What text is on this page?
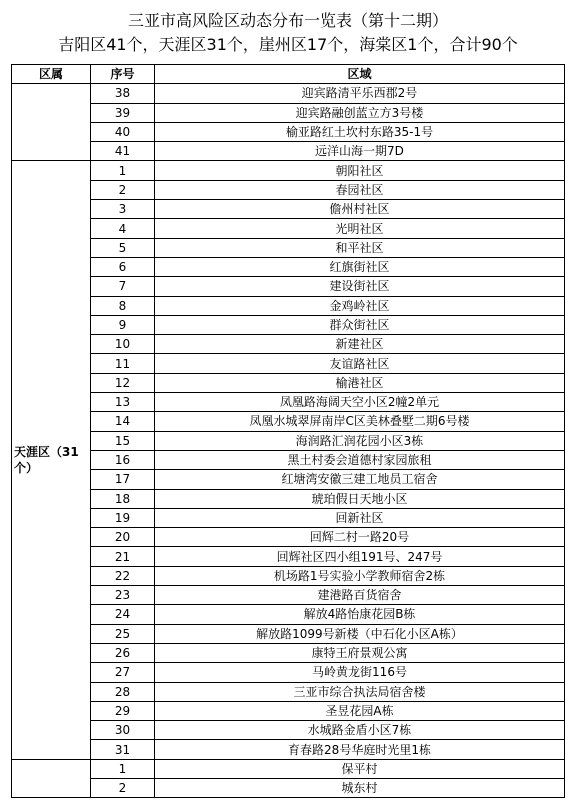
三亚市高风险区动态分布一览表（第十二期）
吉阳区41个，天涯区31个，崖州区17个，海棠区1个，合计90个
区属	序号	区域
	38	迎宾路清平乐西郡2号
	39	迎宾路融创蓝立方3号楼
	40	榆亚路红土坎村东路35-1号
	41	远洋山海一期7D
天涯区（31个）	1	朝阳社区
	2	春园社区
	3	儋州村社区
	4	光明社区
	5	和平社区
	6	红旗街社区
	7	建设街社区
	8	金鸡岭社区
	9	群众街社区
	10	新建社区
	11	友谊路社区
	12	榆港社区
	13	凤凰路海阔天空小区2幢2单元
	14	凤凰水城翠屏南岸C区美林叠墅二期6号楼
	15	海润路汇润花园小区3栋
	16	黑土村委会道德村家园旅租
	17	红塘湾安徽三建工地员工宿舍
	18	琥珀假日天地小区
	19	回新社区
	20	回辉二村一路20号
	21	回辉社区四小组191号、247号
	22	机场路1号实验小学教师宿舍2栋
	23	建港路百货宿舍
	24	解放4路怡康花园B栋
	25	解放路1099号新楼（中石化小区A栋）
	26	康特王府景观公寓
	27	马岭黄龙街116号
	28	三亚市综合执法局宿舍楼
	29	圣昱花园A栋
	30	水城路金盾小区7栋
	31	育春路28号华庭时光里1栋
	1	保平村
	2	城东村
